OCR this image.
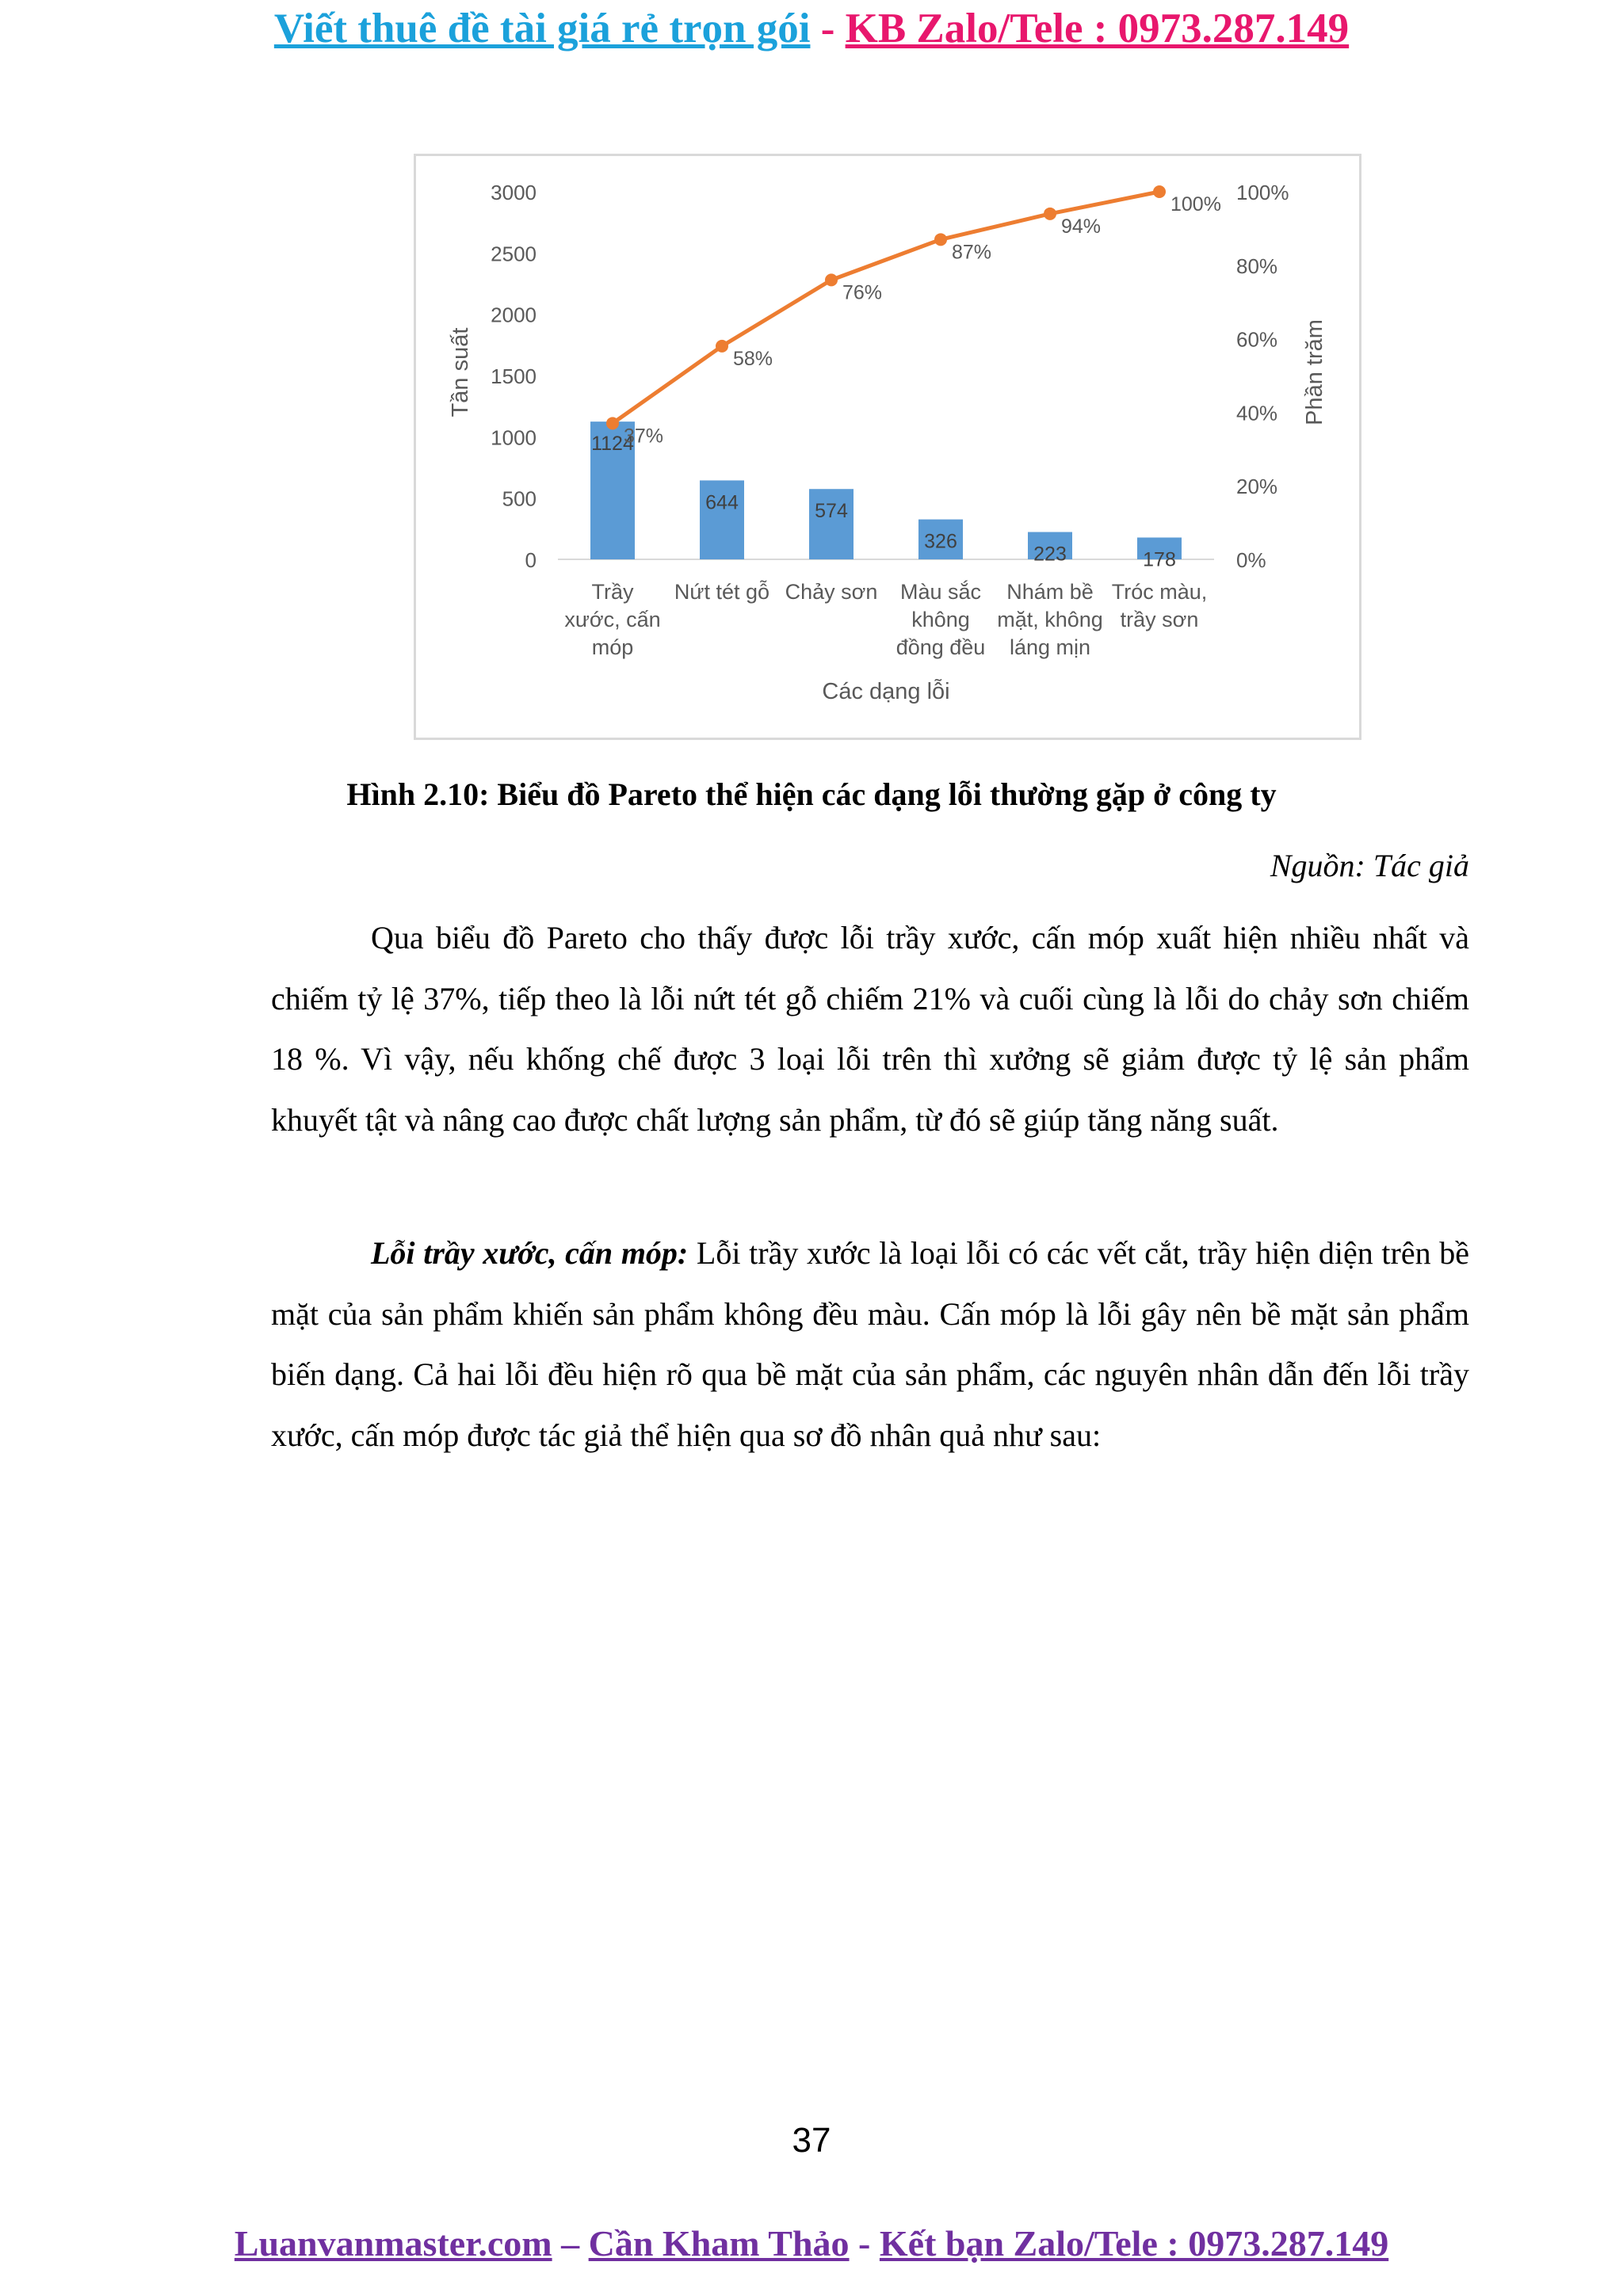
Viết thuê đề tài giá rẻ trọn gói - KB Zalo/Tele : 0973.287.149
0
500
1000
1500
2000
2500
3000
0%
20%
40%
60%
80%
100%
1124
644	574
326
223	178
37%
58%
76%
87%
94%
100%
Trầy xước, cấn móp
Nứt tét gỗ Chảy sơn Màu sắc không đồng đều
Nhám bề mặt, không láng mịn
Tróc màu, trầy sơn
Tần suất	Phần trăm
Các dạng lỗi
Hình 2.10: Biểu đồ Pareto thể hiện các dạng lỗi thường gặp ở công ty
Nguồn: Tác giả

Qua biểu đồ Pareto cho thấy được lỗi trầy xước, cấn móp xuất hiện nhiều nhất và chiếm tỷ lệ 37%, tiếp theo là lỗi nứt tét gỗ chiếm 21% và cuối cùng là lỗi do chảy sơn chiếm 18 %. Vì vậy, nếu khống chế được 3 loại lỗi trên thì xưởng sẽ giảm được tỷ lệ sản phẩm khuyết tật và nâng cao được chất lượng sản phẩm, từ đó sẽ giúp tăng năng suất.

Lỗi trầy xước, cấn móp: Lỗi trầy xước là loại lỗi có các vết cắt, trầy hiện diện trên bề mặt của sản phẩm khiến sản phẩm không đều màu. Cấn móp là lỗi gây nên bề mặt sản phẩm biến dạng. Cả hai lỗi đều hiện rõ qua bề mặt của sản phẩm, các nguyên nhân dẫn đến lỗi trầy xước, cấn móp được tác giả thể hiện qua sơ đồ nhân quả như sau:

37
Luanvanmaster.com – Cần Kham Thảo - Kết bạn Zalo/Tele : 0973.287.149
